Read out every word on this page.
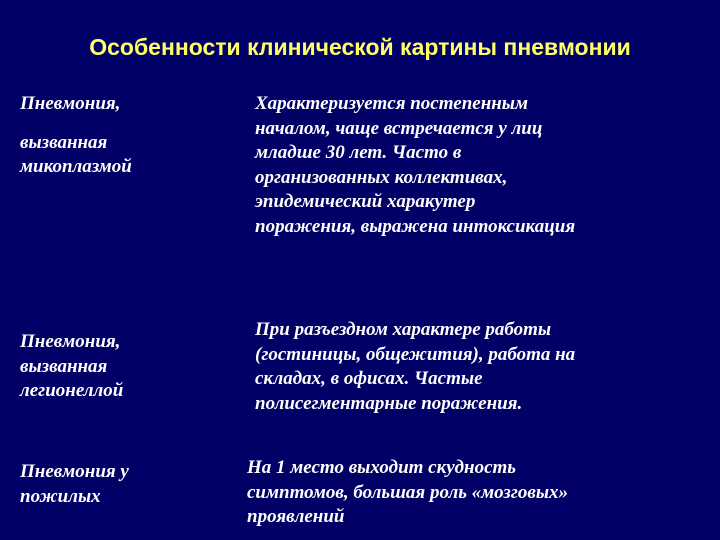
Особенности клинической картины пневмонии
Пневмония,
вызванная
микоплазмой
Характеризуется постепенным
началом, чаще встречается у лиц
младше 30 лет. Часто в
организованных коллективах,
эпидемический харакутер
поражения, выражена интоксикация
Пневмония,
вызванная
легионеллой
При разъездном характере работы
(гостиницы, общежития), работа на
складах, в офисах. Частые
полисегментарные поражения.
Пневмония у
пожилых
На 1 место выходит скудность
симптомов, большая роль «мозговых»
проявлений
